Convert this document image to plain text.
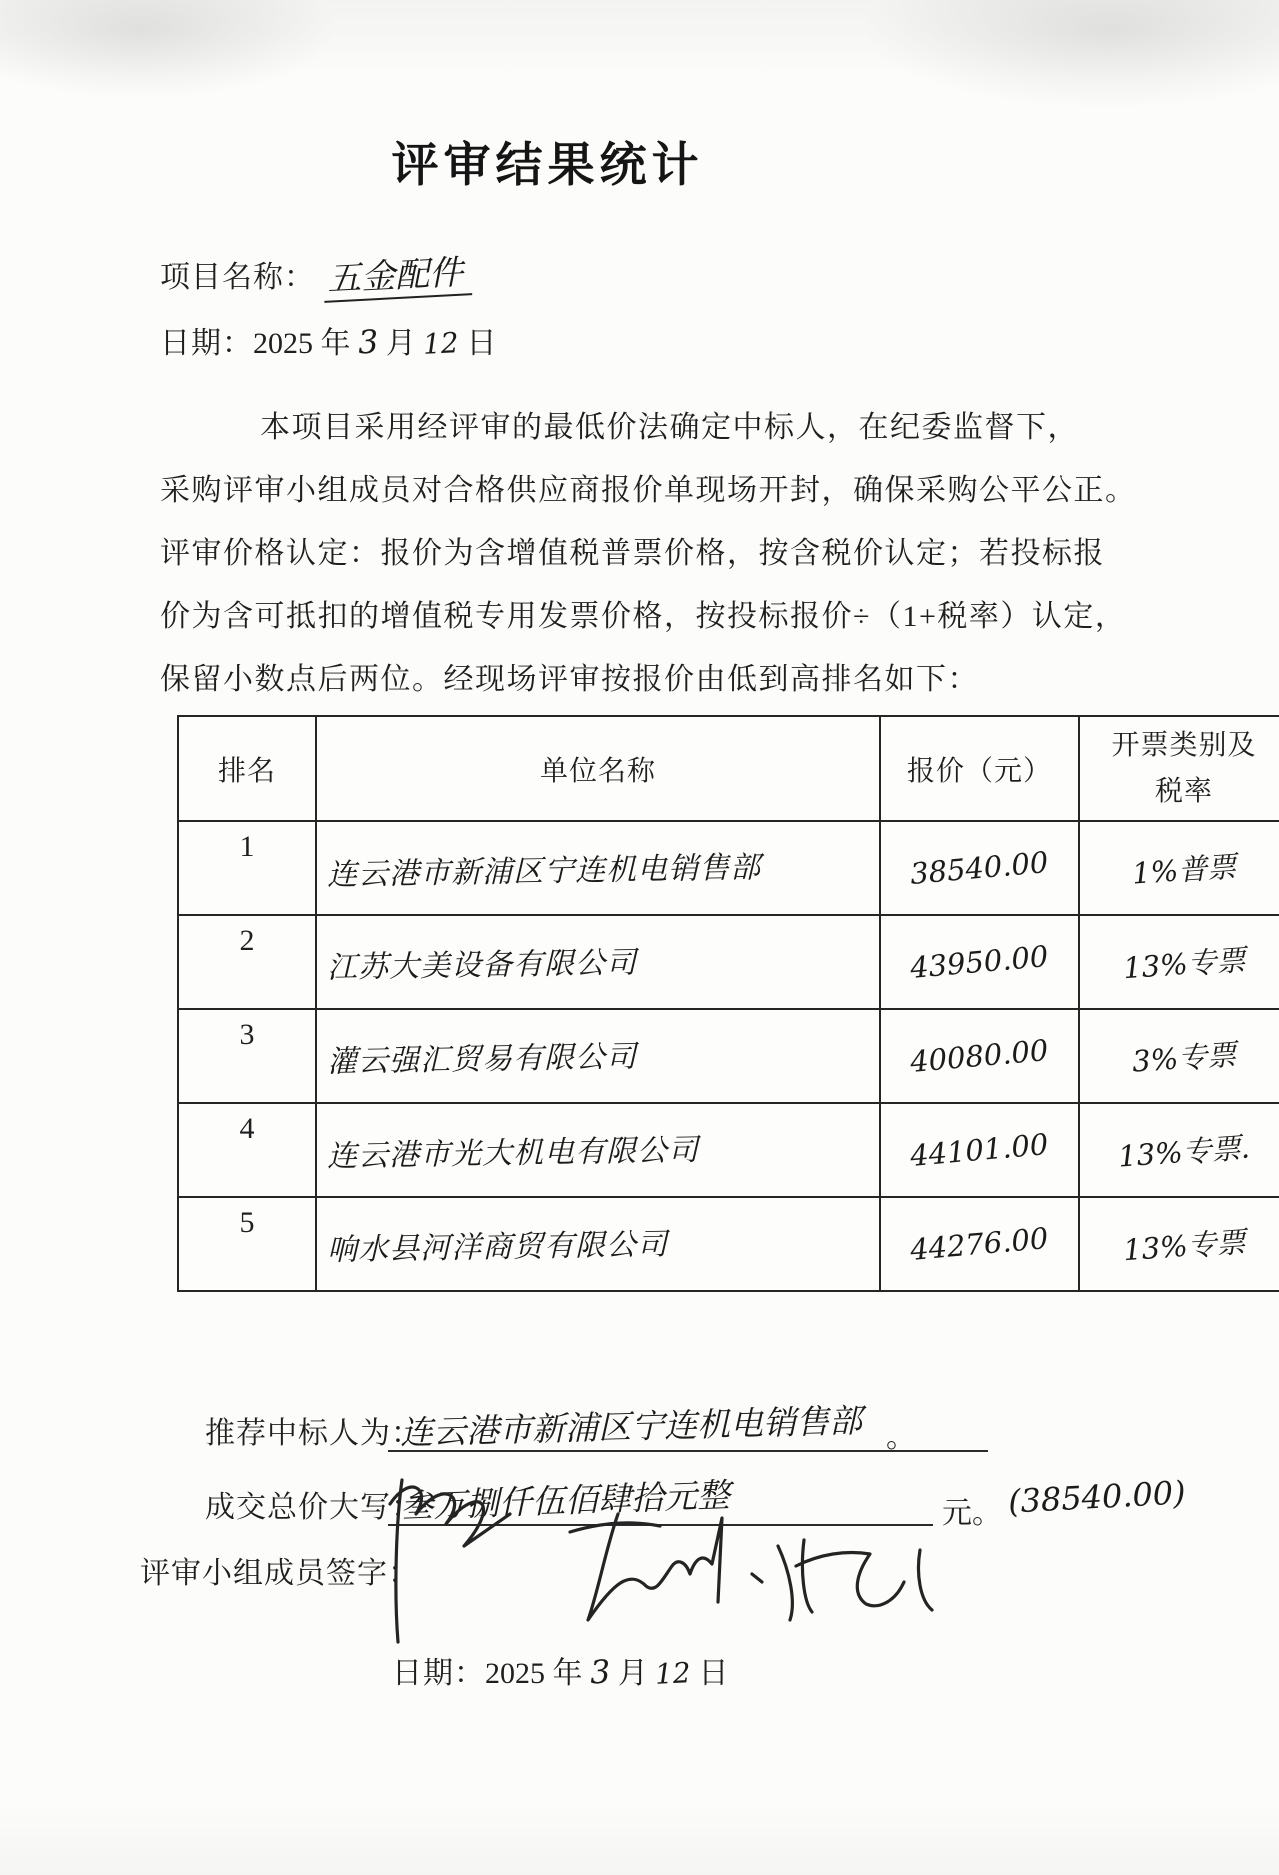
评审结果统计
项目名称： 五金配件
日期：2025 年 3 月 12 日
本项目采用经评审的最低价法确定中标人，在纪委监督下，
采购评审小组成员对合格供应商报价单现场开封，确保采购公平公正。
评审价格认定：报价为含增值税普票价格，按含税价认定；若投标报
价为含可抵扣的增值税专用发票价格，按投标报价÷（1+税率）认定，
保留小数点后两位。经现场评审按报价由低到高排名如下：
排名	单位名称	报价（元）	开票类别及
税率

1	连云港市新浦区宁连机电销售部	38540.00	1%普票
2	江苏大美设备有限公司	43950.00	13%专票
3	灌云强汇贸易有限公司	40080.00	3%专票
4	连云港市光大机电有限公司	44101.00	13%专票.
5	响水县河洋商贸有限公司	44276.00	13%专票
推荐中标人为：
连云港市新浦区宁连机电销售部 。
成交总价大写：
叁万捌仟伍佰肆拾元整	元。 (38540.00)
评审小组成员签字：
日期：2025 年 3 月 12 日
